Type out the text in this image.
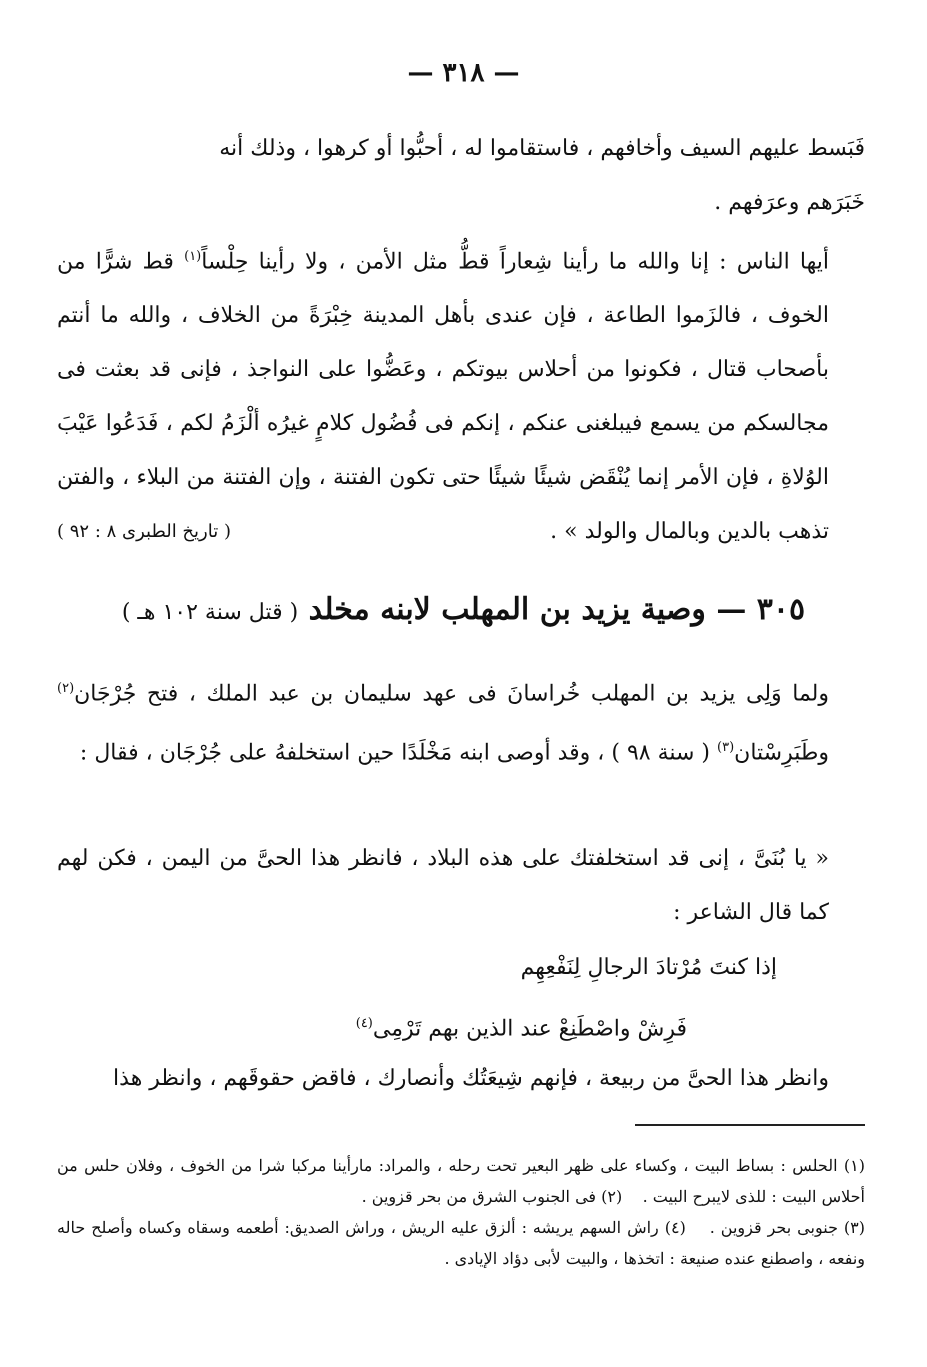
— ٣١٨ —

فَبَسط عليهم السيف وأخافهم ، فاستقاموا له ، أحبُّوا أو كرهوا ، وذلك أنه

خَبَرَهم وعرَفهم .

أيها الناس : إنا والله ما رأينا شِعاراً قطُّ مثل الأمن ، ولا رأينا حِلْساً$^{(١)}$ قط شرًّا من الخوف ، فالزَموا الطاعة ، فإن عندى بأهل المدينة خِبْرَةً من الخلاف ، والله ما أنتم بأصحاب قتال ، فكونوا من أحلاس بيوتكم ، وعَضُّوا على النواجذ ، فإنى قد بعثت فى مجالسكم من يسمع فيبلغنى عنكم ، إنكم فى فُضُول كلامٍ غيرُه ألْزَمُ لكم ، فَدَعُوا عَيْبَ الوُلاةِ ، فإن الأمر إنما يُنْقَض شيئًا شيئًا حتى تكون الفتنة ، وإن الفتنة من البلاء ، والفتن تذهب بالدين وبالمال والولد » .
( تاريخ الطبرى ٨ : ٩٢ )

٣٠٥ — وصية يزيد بن المهلب لابنه مخلد ( قتل سنة ١٠٢ هـ )

ولما وَلِى يزيد بن المهلب خُراسانَ فى عهد سليمان بن عبد الملك ، فتح جُرْجَان$^{(٢)}$ وطَبَرِسْتان$^{(٣)}$ ( سنة ٩٨ ) ، وقد أوصى ابنه مَخْلَدًا حين استخلفهُ على جُرْجَان ، فقال :

« يا بُنَىَّ ، إنى قد استخلفتك على هذه البلاد ، فانظر هذا الحىَّ من اليمن ، فكن لهم كما قال الشاعر :

إذا كنتَ مُرْتادَ الرجالِ لِنَفْعِهِم
فَرِشْ واصْطَنِعْ عند الذين بهم تَرْمِى$^{(٤)}$

وانظر هذا الحىَّ من ربيعة ، فإنهم شِيعَتُك وأنصارك ، فاقض حقوقَهم ، وانظر هذا

(١) الحلس : بساط البيت ، وكساء على ظهر البعير تحت رحله ، والمراد: مارأينا مركبا شرا من الخوف ، وفلان حلس من أحلاس البيت : للذى لايبرح البيت .    (٢) فى الجنوب الشرق من بحر قزوين .

(٣) جنوبى بحر قزوين .    (٤) راش السهم يريشه : ألزق عليه الريش ، وراش الصديق: أطعمه وسقاه وكساه وأصلح حاله ونفعه ، واصطنع عنده صنيعة : اتخذها ، والبيت لأبى دؤاد الإيادى .
